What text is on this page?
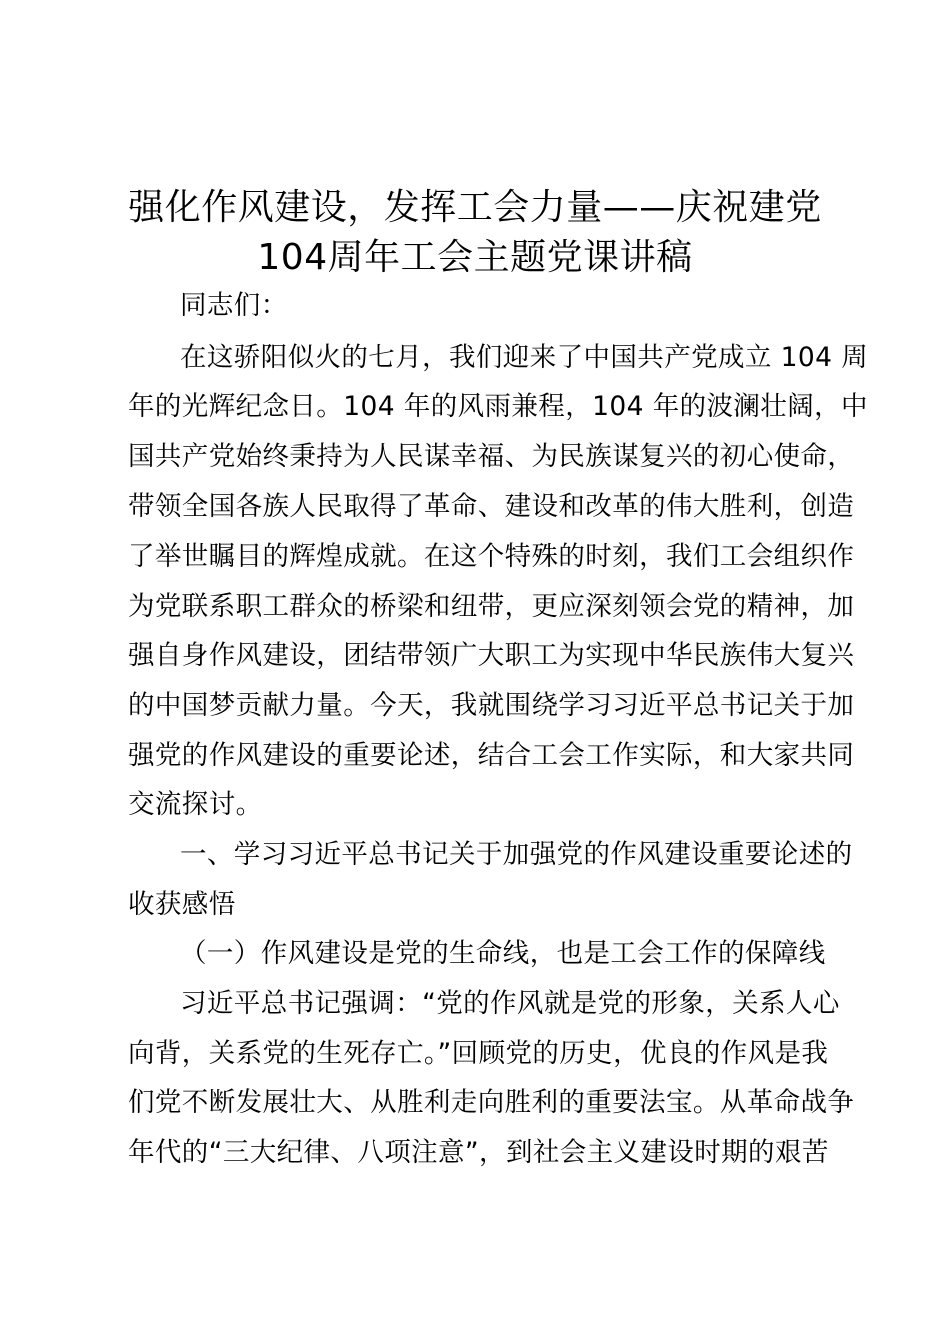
强化作风建设，发挥工会力量——庆祝建党
104周年工会主题党课讲稿
同志们：
在这骄阳似火的七月，我们迎来了中国共产党成立 104 周
年的光辉纪念日。104 年的风雨兼程，104 年的波澜壮阔，中
国共产党始终秉持为人民谋幸福、为民族谋复兴的初心使命，
带领全国各族人民取得了革命、建设和改革的伟大胜利，创造
了举世瞩目的辉煌成就。在这个特殊的时刻，我们工会组织作
为党联系职工群众的桥梁和纽带，更应深刻领会党的精神，加
强自身作风建设，团结带领广大职工为实现中华民族伟大复兴
的中国梦贡献力量。今天，我就围绕学习习近平总书记关于加
强党的作风建设的重要论述，结合工会工作实际，和大家共同
交流探讨。
一、学习习近平总书记关于加强党的作风建设重要论述的
收获感悟
（一）作风建设是党的生命线，也是工会工作的保障线
习近平总书记强调：“党的作风就是党的形象，关系人心
向背，关系党的生死存亡。”回顾党的历史，优良的作风是我
们党不断发展壮大、从胜利走向胜利的重要法宝。从革命战争
年代的“三大纪律、八项注意”，到社会主义建设时期的艰苦
